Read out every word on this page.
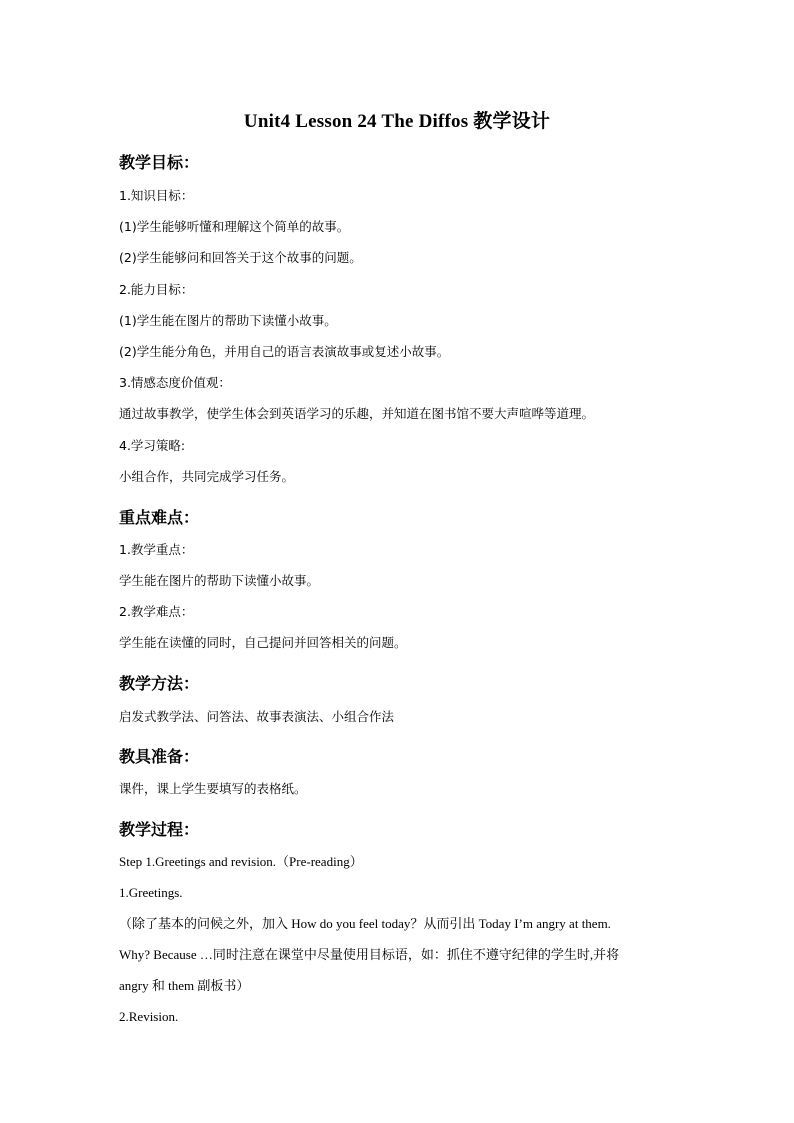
Unit4 Lesson 24 The Diffos 教学设计
教学目标：
1.知识目标：
(1)学生能够听懂和理解这个简单的故事。
(2)学生能够问和回答关于这个故事的问题。
2.能力目标：
(1)学生能在图片的帮助下读懂小故事。
(2)学生能分角色，并用自己的语言表演故事或复述小故事。
3.情感态度价值观：
通过故事教学，使学生体会到英语学习的乐趣，并知道在图书馆不要大声喧哗等道理。
4.学习策略:
小组合作，共同完成学习任务。
重点难点：
1.教学重点：
学生能在图片的帮助下读懂小故事。
2.教学难点：
学生能在读懂的同时，自己提问并回答相关的问题。
教学方法：
启发式教学法、问答法、故事表演法、小组合作法
教具准备：
课件，课上学生要填写的表格纸。
教学过程：
Step 1.Greetings and revision.（Pre-reading）
1.Greetings.
（除了基本的问候之外，加入 How do you feel today？从而引出 Today I’m angry at them.
Why? Because …同时注意在课堂中尽量使用目标语，如：抓住不遵守纪律的学生时,并将
angry 和 them 副板书）
2.Revision.
